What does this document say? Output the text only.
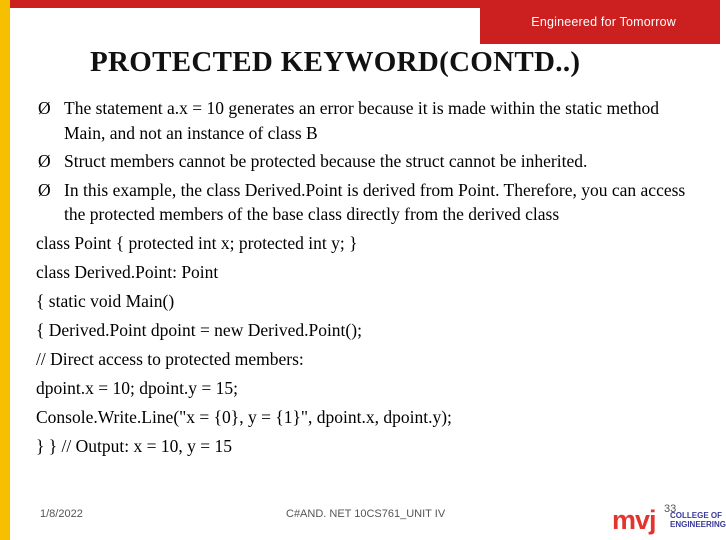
Engineered for Tomorrow
PROTECTED KEYWORD(CONTD..)
Ø The statement a.x = 10 generates an error because it is made within the static method Main, and not an instance of class B
Ø Struct members cannot be protected because the struct cannot be inherited.
Ø In this example, the class Derived.Point is derived from Point. Therefore, you can access the protected members of the base class directly from the derived class
class Point { protected int x; protected int y; }
class Derived.Point: Point
{ static void Main()
{ Derived.Point dpoint = new Derived.Point();
// Direct access to protected members:
dpoint.x = 10; dpoint.y = 15;
Console.Write.Line("x = {0}, y = {1}", dpoint.x, dpoint.y);
} } // Output: x = 10, y = 15
1/8/2022	C#AND. NET 10CS761_UNIT IV	mvj COLLEGE OF
ENGINEERING
33
